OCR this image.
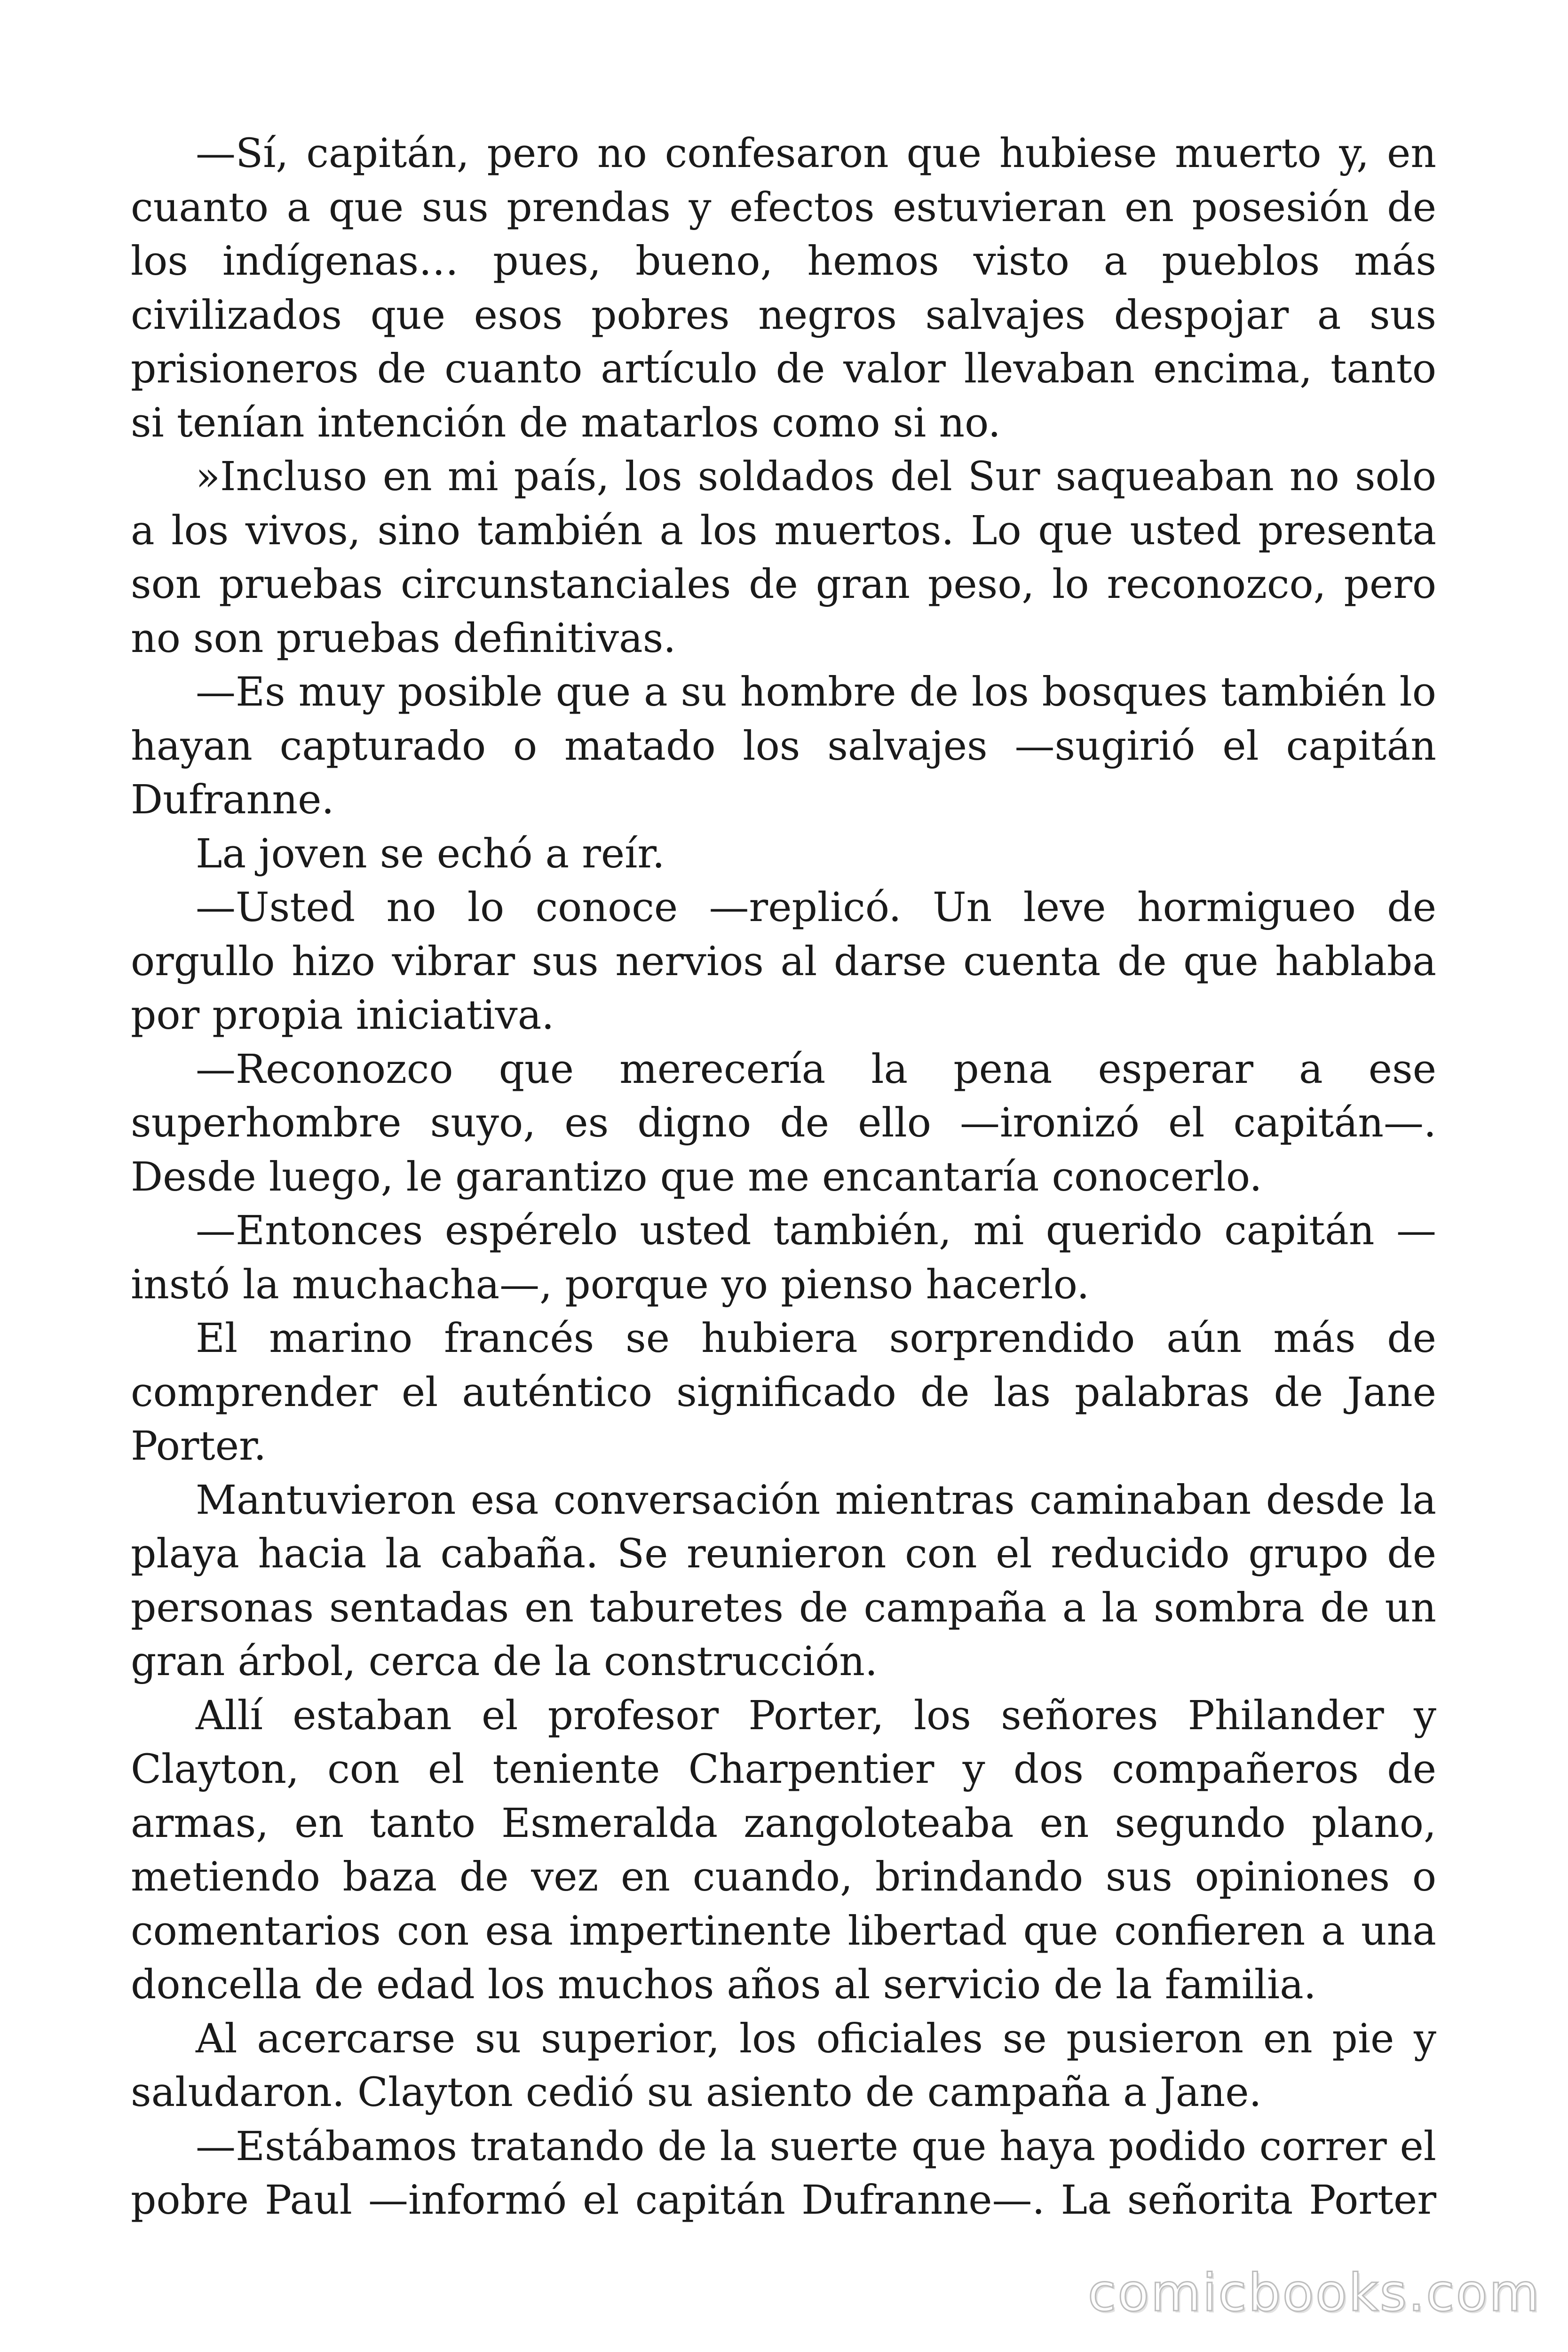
—Sí, capitán, pero no confesaron que hubiese muerto y, en cuanto a que sus prendas y efectos estuvieran en posesión de los indígenas… pues, bueno, hemos visto a pueblos más civilizados que esos pobres negros salvajes despojar a sus prisioneros de cuanto artículo de valor llevaban encima, tanto si tenían intención de matarlos como si no.

»Incluso en mi país, los soldados del Sur saqueaban no solo a los vivos, sino también a los muertos. Lo que usted presenta son pruebas circunstanciales de gran peso, lo reconozco, pero no son pruebas definitivas.

—Es muy posible que a su hombre de los bosques también lo hayan capturado o matado los salvajes —sugirió el capitán Dufranne.

La joven se echó a reír.

—Usted no lo conoce —replicó. Un leve hormigueo de orgullo hizo vibrar sus nervios al darse cuenta de que hablaba por propia iniciativa.

—Reconozco que merecería la pena esperar a ese superhombre suyo, es digno de ello —ironizó el capitán—. Desde luego, le garantizo que me encantaría conocerlo.

—Entonces espérelo usted también, mi querido capitán —instó la muchacha—, porque yo pienso hacerlo.

El marino francés se hubiera sorprendido aún más de comprender el auténtico significado de las palabras de Jane Porter.

Mantuvieron esa conversación mientras caminaban desde la playa hacia la cabaña. Se reunieron con el reducido grupo de personas sentadas en taburetes de campaña a la sombra de un gran árbol, cerca de la construcción.

Allí estaban el profesor Porter, los señores Philander y Clayton, con el teniente Charpentier y dos compañeros de armas, en tanto Esmeralda zangoloteaba en segundo plano, metiendo baza de vez en cuando, brindando sus opiniones o comentarios con esa impertinente libertad que confieren a una doncella de edad los muchos años al servicio de la familia.

Al acercarse su superior, los oficiales se pusieron en pie y saludaron. Clayton cedió su asiento de campaña a Jane.

—Estábamos tratando de la suerte que haya podido correr el pobre Paul —informó el capitán Dufranne—. La señorita Porter

comicbooks.com
